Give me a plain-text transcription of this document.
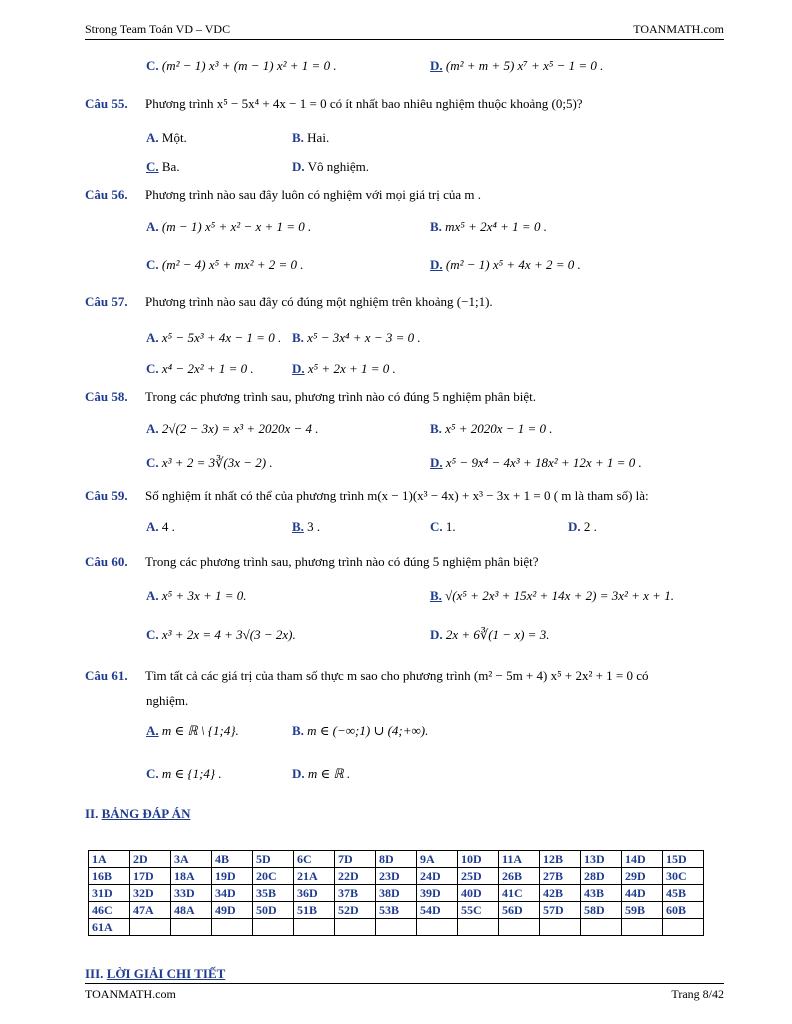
Strong Team Toán VD – VDC	TOANMATH.com
C. (m² − 1) x³ + (m − 1) x² + 1 = 0 .	D. (m² + m + 5) x⁷ + x⁵ − 1 = 0 .
Câu 55. Phương trình x⁵ − 5x⁴ + 4x − 1 = 0 có ít nhất bao nhiêu nghiệm thuộc khoảng (0;5)?
A. Một.	B. Hai.
C. Ba.	D. Vô nghiệm.
Câu 56. Phương trình nào sau đây luôn có nghiệm với mọi giá trị của m .
A. (m − 1) x⁵ + x² − x + 1 = 0 .	B. mx⁵ + 2x⁴ + 1 = 0 .
C. (m² − 4) x⁵ + mx² + 2 = 0 .	D. (m² − 1) x⁵ + 4x + 2 = 0 .
Câu 57. Phương trình nào sau đây có đúng một nghiệm trên khoảng (−1;1).
A. x⁵ − 5x³ + 4x − 1 = 0 . B. x⁵ − 3x⁴ + x − 3 = 0 .
C. x⁴ − 2x² + 1 = 0 .	D. x⁵ + 2x + 1 = 0 .
Câu 58. Trong các phương trình sau, phương trình nào có đúng 5 nghiệm phân biệt.
A. 2√(2 − 3x) = x³ + 2020x − 4 .	B. x⁵ + 2020x − 1 = 0 .
C. x³ + 2 = 3∛(3x − 2) .	D. x⁵ − 9x⁴ − 4x³ + 18x² + 12x + 1 = 0 .
Câu 59. Số nghiệm ít nhất có thể của phương trình m(x − 1)(x³ − 4x) + x³ − 3x + 1 = 0 ( m là tham số) là:
A. 4 .	B. 3 .	C. 1.	D. 2 .
Câu 60. Trong các phương trình sau, phương trình nào có đúng 5 nghiệm phân biệt?
A. x⁵ + 3x + 1 = 0.	B. √(x⁵ + 2x³ + 15x² + 14x + 2) = 3x² + x + 1.
C. x³ + 2x = 4 + 3√(3 − 2x).	D. 2x + 6∛(1 − x) = 3.
Câu 61. Tìm tất cả các giá trị của tham số thực m sao cho phương trình (m² − 5m + 4) x⁵ + 2x² + 1 = 0 có
nghiệm.
A. m ∈ ℝ \ {1;4}.	B. m ∈ (−∞;1) ∪ (4;+∞).
C. m ∈ {1;4} .	D. m ∈ ℝ .
II. BẢNG ĐÁP ÁN
1A	2D	3A	4B	5D	6C	7D	8D	9A	10D	11A	12B	13D	14D	15D
16B	17D	18A	19D	20C	21A	22D	23D	24D	25D	26B	27B	28D	29D	30C
31D	32D	33D	34D	35B	36D	37B	38D	39D	40D	41C	42B	43B	44D	45B
46C	47A	48A	49D	50D	51B	52D	53B	54D	55C	56D	57D	58D	59B	60B
61A														
III. LỜI GIẢI CHI TIẾT
TOANMATH.com	Trang 8/42
